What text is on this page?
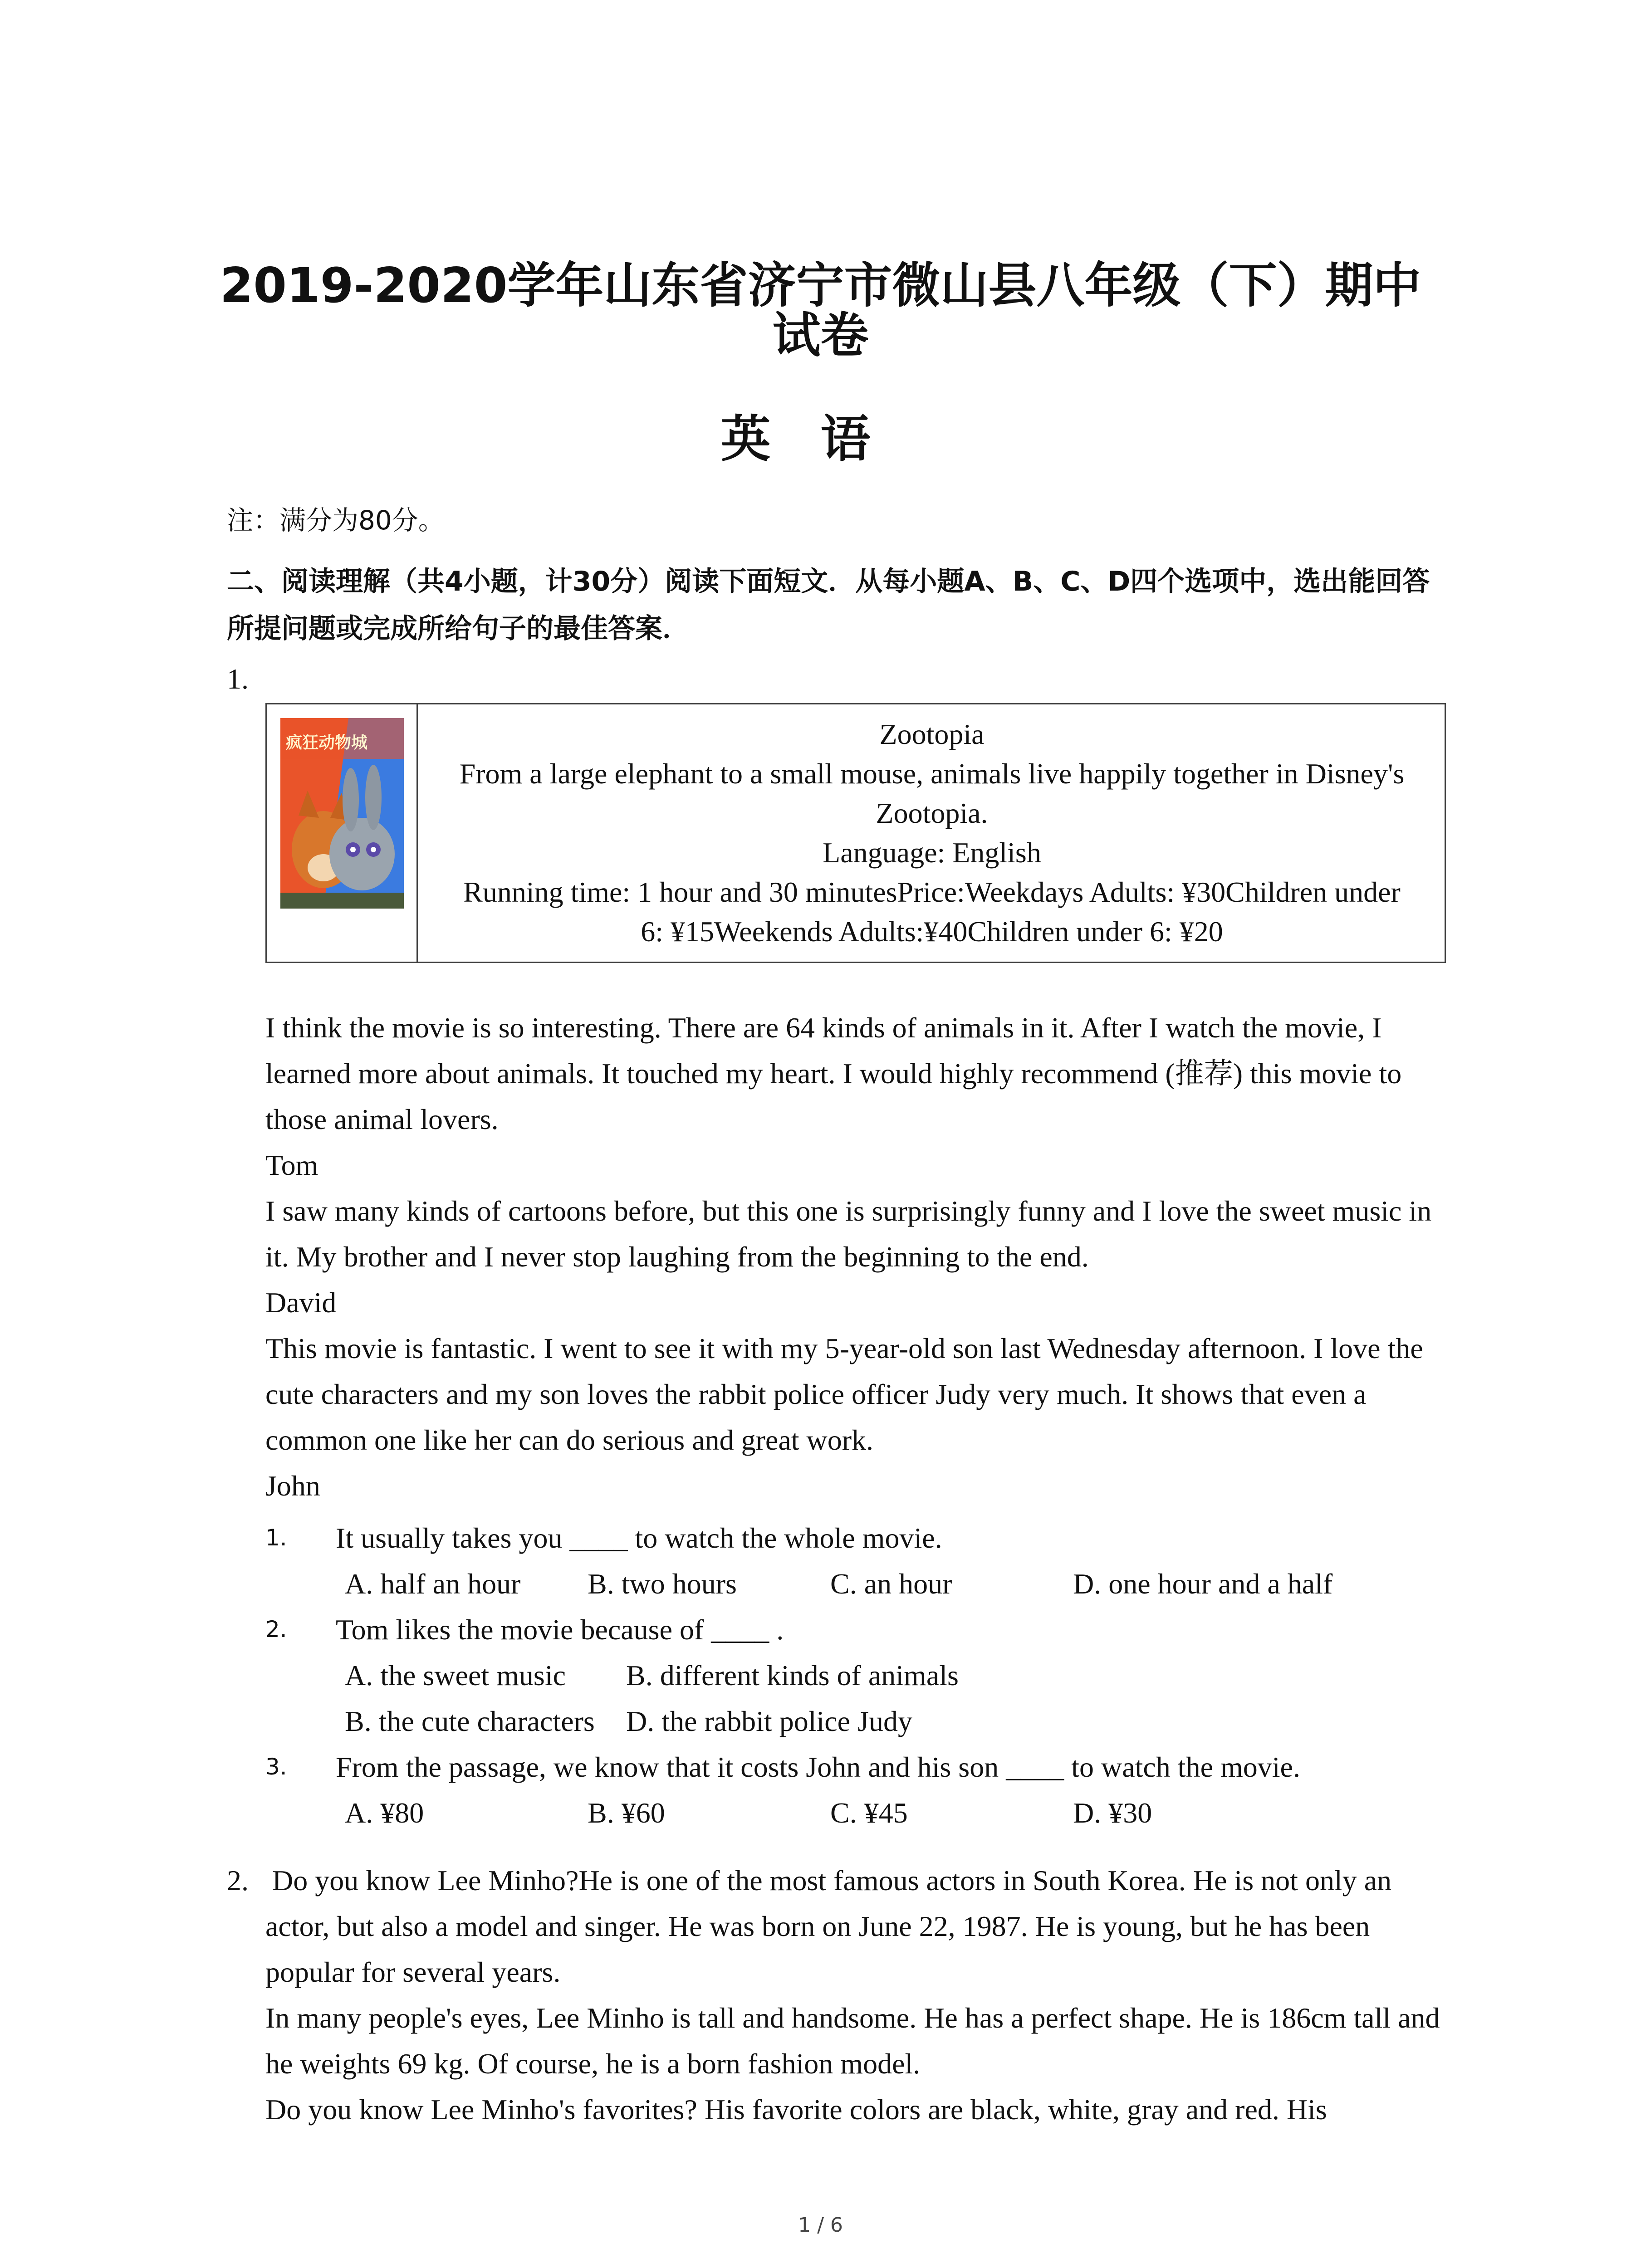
2019-2020学年山东省济宁市微山县八年级（下）期中
试卷
英语
注：满分为80分。
二、阅读理解（共4小题，计30分）阅读下面短文．从每小题A、B、C、D四个选项中，选出能回答所提问题或完成所给句子的最佳答案．
1.
疯狂动物城	Zootopia
From a large elephant to a small mouse, animals live happily together in Disney's
Zootopia.
Language: English
Running time: 1 hour and 30 minutesPrice:Weekdays Adults: ¥30Children under
6: ¥15Weekends Adults:¥40Children under 6: ¥20

I think the movie is so interesting. There are 64 kinds of animals in it. After I watch the movie, I learned more about animals. It touched my heart. I would highly recommend (推荐) this movie to those animal lovers.

Tom

I saw many kinds of cartoons before, but this one is surprisingly funny and I love the sweet music in it. My brother and I never stop laughing from the beginning to the end.

David

This movie is fantastic. I went to see it with my 5-year-old son last Wednesday afternoon. I love the cute characters and my son loves the rabbit police officer Judy very much. It shows that even a common one like her can do serious and great work.

John

1. It usually takes you ____ to watch the whole movie.
A. half an hour B. two hours	C. an hour	D. one hour and a half
2. Tom likes the movie because of ____ .
A. the sweet music B. different kinds of animals
B. the cute characters D. the rabbit police Judy
3. From the passage, we know that it costs John and his son ____ to watch the movie.
A. ¥80	B. ¥60	C. ¥45	D. ¥30
2. Do you know Lee Minho?He is one of the most famous actors in South Korea. He is not only an actor, but also a model and singer. He was born on June 22, 1987. He is young, but he has been popular for several years.

In many people's eyes, Lee Minho is tall and handsome. He has a perfect shape. He is 186cm tall and he weights 69 kg. Of course, he is a born fashion model.

Do you know Lee Minho's favorites? His favorite colors are black, white, gray and red. His

1 / 6
